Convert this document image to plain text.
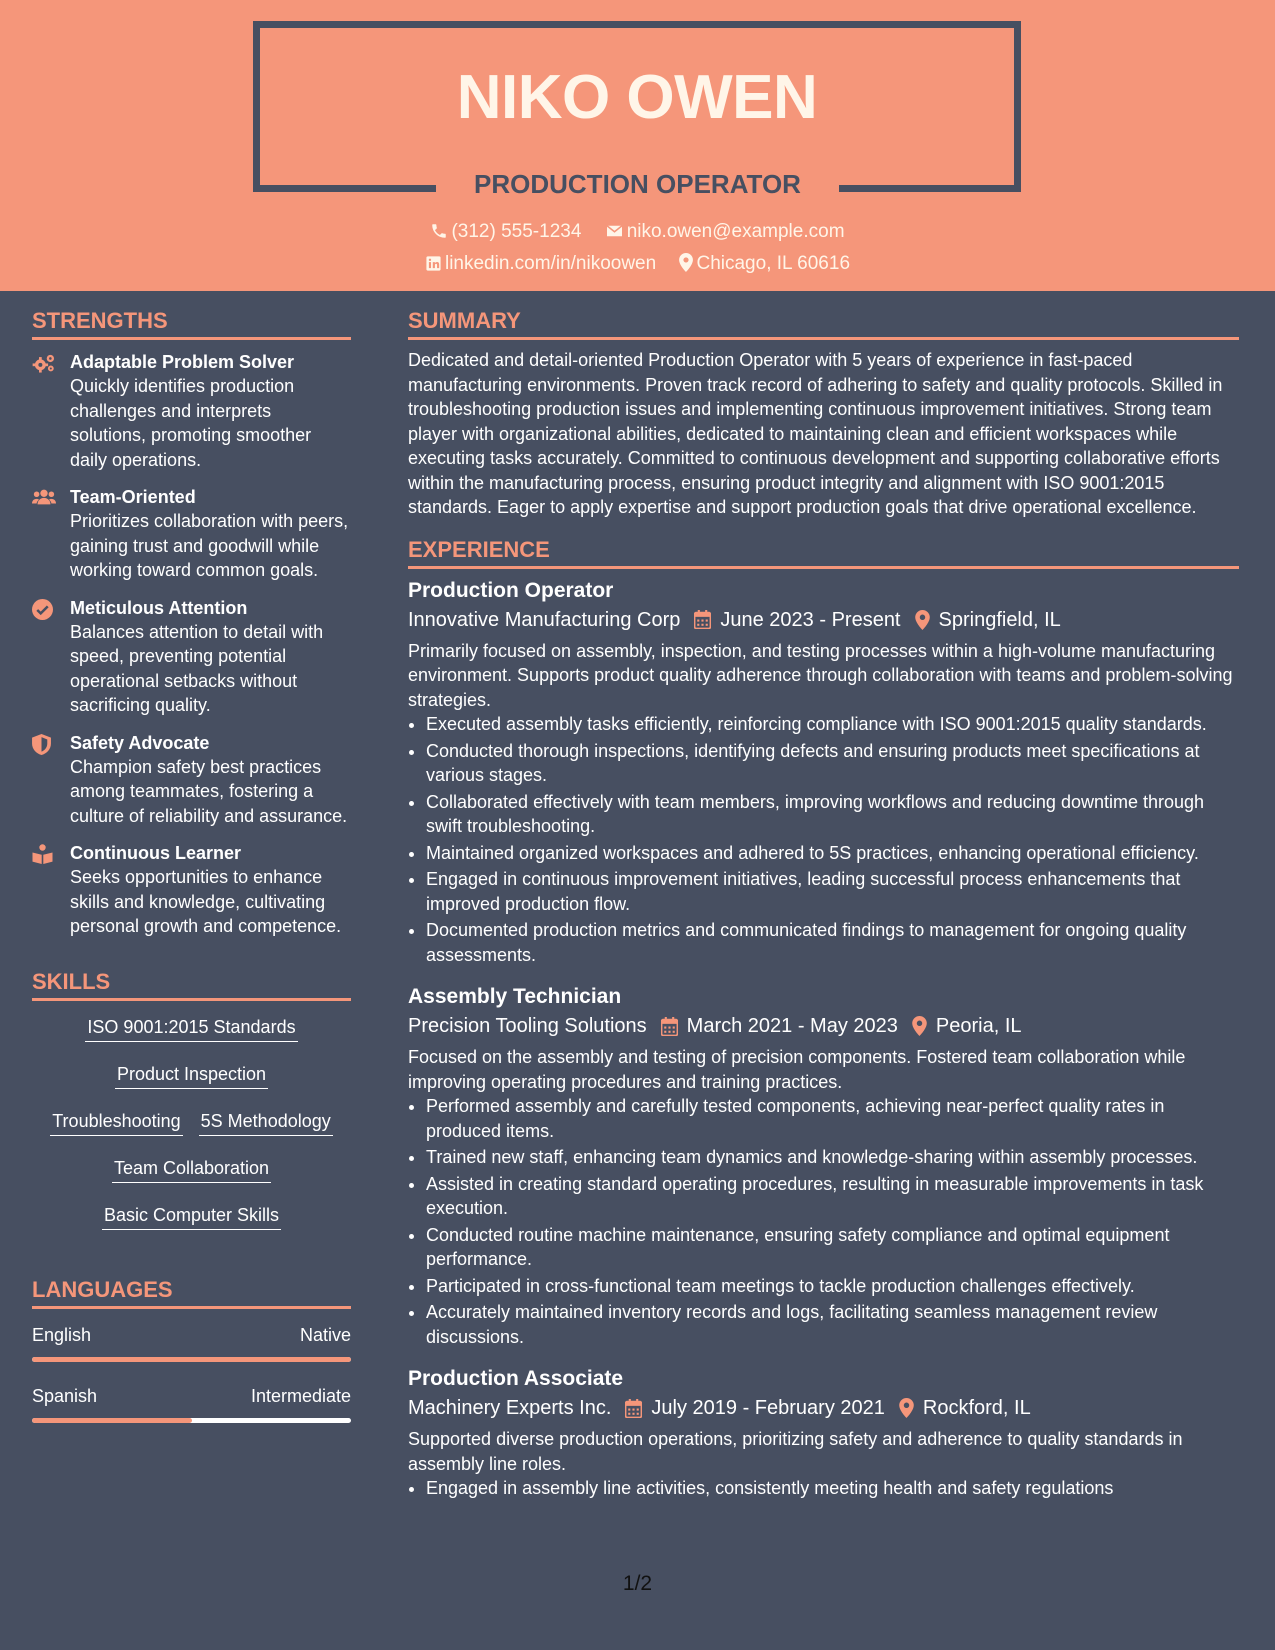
NIKO OWEN
PRODUCTION OPERATOR
(312) 555-1234 niko.owen@example.com
linkedin.com/in/nikoowen Chicago, IL 60616
STRENGTHS
Adaptable Problem Solver
Quickly identifies production challenges and interprets solutions, promoting smoother daily operations.
Team-Oriented
Prioritizes collaboration with peers, gaining trust and goodwill while working toward common goals.
Meticulous Attention
Balances attention to detail with speed, preventing potential operational setbacks without sacrificing quality.
Safety Advocate
Champion safety best practices among teammates, fostering a culture of reliability and assurance.
Continuous Learner
Seeks opportunities to enhance skills and knowledge, cultivating personal growth and competence.
SKILLS
ISO 9001:2015 Standards
Product Inspection
Troubleshooting 5S Methodology
Team Collaboration
Basic Computer Skills
LANGUAGES
English	Native
Spanish	Intermediate
SUMMARY
Dedicated and detail-oriented Production Operator with 5 years of experience in fast-paced manufacturing environments. Proven track record of adhering to safety and quality protocols. Skilled in troubleshooting production issues and implementing continuous improvement initiatives. Strong team player with organizational abilities, dedicated to maintaining clean and efficient workspaces while executing tasks accurately. Committed to continuous development and supporting collaborative efforts within the manufacturing process, ensuring product integrity and alignment with ISO 9001:2015 standards. Eager to apply expertise and support production goals that drive operational excellence.
EXPERIENCE
Production Operator
Innovative Manufacturing Corp June 2023 - Present Springfield, IL
Primarily focused on assembly, inspection, and testing processes within a high-volume manufacturing environment. Supports product quality adherence through collaboration with teams and problem-solving strategies.
• Executed assembly tasks efficiently, reinforcing compliance with ISO 9001:2015 quality standards.
• Conducted thorough inspections, identifying defects and ensuring products meet specifications at various stages.
• Collaborated effectively with team members, improving workflows and reducing downtime through swift troubleshooting.
• Maintained organized workspaces and adhered to 5S practices, enhancing operational efficiency.
• Engaged in continuous improvement initiatives, leading successful process enhancements that improved production flow.
• Documented production metrics and communicated findings to management for ongoing quality assessments.
Assembly Technician
Precision Tooling Solutions March 2021 - May 2023 Peoria, IL
Focused on the assembly and testing of precision components. Fostered team collaboration while improving operating procedures and training practices.
• Performed assembly and carefully tested components, achieving near-perfect quality rates in produced items.
• Trained new staff, enhancing team dynamics and knowledge-sharing within assembly processes.
• Assisted in creating standard operating procedures, resulting in measurable improvements in task execution.
• Conducted routine machine maintenance, ensuring safety compliance and optimal equipment performance.
• Participated in cross-functional team meetings to tackle production challenges effectively.
• Accurately maintained inventory records and logs, facilitating seamless management review discussions.
Production Associate
Machinery Experts Inc. July 2019 - February 2021 Rockford, IL
Supported diverse production operations, prioritizing safety and adherence to quality standards in assembly line roles.
• Engaged in assembly line activities, consistently meeting health and safety regulations
1/2
